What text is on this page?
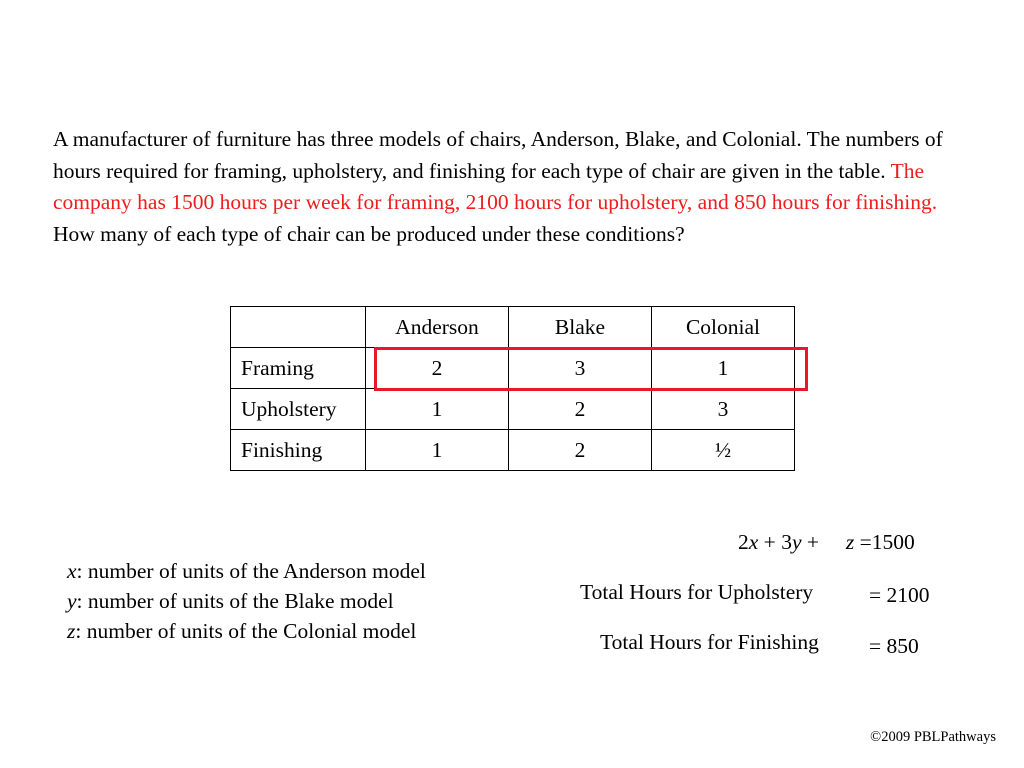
A manufacturer of furniture has three models of chairs, Anderson, Blake, and Colonial. The numbers of hours required for framing, upholstery, and finishing for each type of chair are given in the table. The company has 1500 hours per week for framing, 2100 hours for upholstery, and 850 hours for finishing. How many of each type of chair can be produced under these conditions?

	Anderson	Blake	Colonial
Framing	2	3	1
Upholstery	1	2	3
Finishing	1	2	½
x: number of units of the Anderson model
y: number of units of the Blake model
z: number of units of the Colonial model
2x + 3y + z =1500
Total Hours for Upholstery	= 2100
Total Hours for Finishing = 850
©2009 PBLPathways
